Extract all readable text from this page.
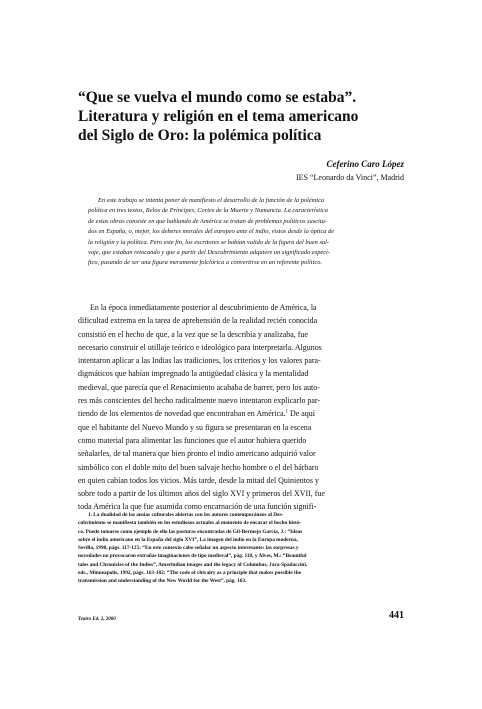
“Que se vuelva el mundo como se estaba”.
Literatura y religión en el tema americano
del Siglo de Oro: la polémica política
Ceferino Caro López
IES “Leonardo da Vinci”, Madrid
En este trabajo se intenta poner de manifiesto el desarrollo de la función de la polémica
política en tres textos, Relox de Príncipes, Cortes de la Muerte y Numancia. La característica
de estas obras consiste en que hablando de América se tratan de problemas políticos suscita-
dos en España, o, mejor, los deberes morales del europeo ante el indio, vistos desde la óptica de
la religión y la política. Pero este fin, los escritores se habían valido de la figura del buen sal-
vaje, que estaban retocando y que a partir del Descubrimiento adquiere un significado especí-
fico, pasando de ser una figura meramente folclórica a convertirse en un referente político.
En la época inmediatamente posterior al descubrimiento de América, la
dificultad extrema en la tarea de aprehensión de la realidad recién conocida
consistió en el hecho de que, a la vez que se la describía y analizaba, fue
necesario construir el utillaje teórico e ideológico para interpretarla. Algunos
intentaron aplicar a las Indias las tradiciones, los criterios y los valores para-
digmáticos que habían impregnado la antigüedad clásica y la mentalidad
medieval, que parecía que el Renacimiento acababa de barrer, pero los auto-
res más conscientes del hecho radicalmente nuevo intentaron explicarlo par-
tiendo de los elementos de novedad que encontraban en América.$^1$ De aquí
que el habitante del Nuevo Mundo y su figura se presentaran en la escena
como material para alimentar las funciones que el autor hubiera querido
señalarles, de tal manera que bien pronto el indio americano adquirió valor
simbólico con el doble mito del buen salvaje hecho hombre o el del bárbaro
en quien cabían todos los vicios. Más tarde, desde la mitad del Quinientos y
sobre todo a partir de los últimos años del siglo XVI y primeros del XVII, fue
toda América la que fue asumida como encarnación de una función signifi-
1. La dualidad de las ansias culturales abiertas con los autores contemporáneos al Des-
cubrimiento se manifiesta también en los estudiosos actuales al momento de encarar el hecho histó-
co. Puede tomarse como ejemplo de ello las posturas encontradas de Gil-Bermejo García, J.: “Ideas
sobre el indio americano en la España del siglo XVI”, La imagen del indio en la Europa moderna,
Sevilla, 1990, págs. 117-125: “En este contexto cabe señalar un aspecto interesante: las sorpresas y
novedades no provocaron extrañas imaginaciones de tipo medieval”, pág. 118, y Alves, M.: “Beautiful
tales and Chronicles of the Indies”, Amerindian images and the legacy of Columbus, Jara-Spadaccini,
eds., Minneapolis, 1992, págs. 163-182: “The code of chivalry as a principle that makes possible the
transmission and understanding of the New World for the West”, pág. 163.
Teatro Ed. 2, 2000	441
